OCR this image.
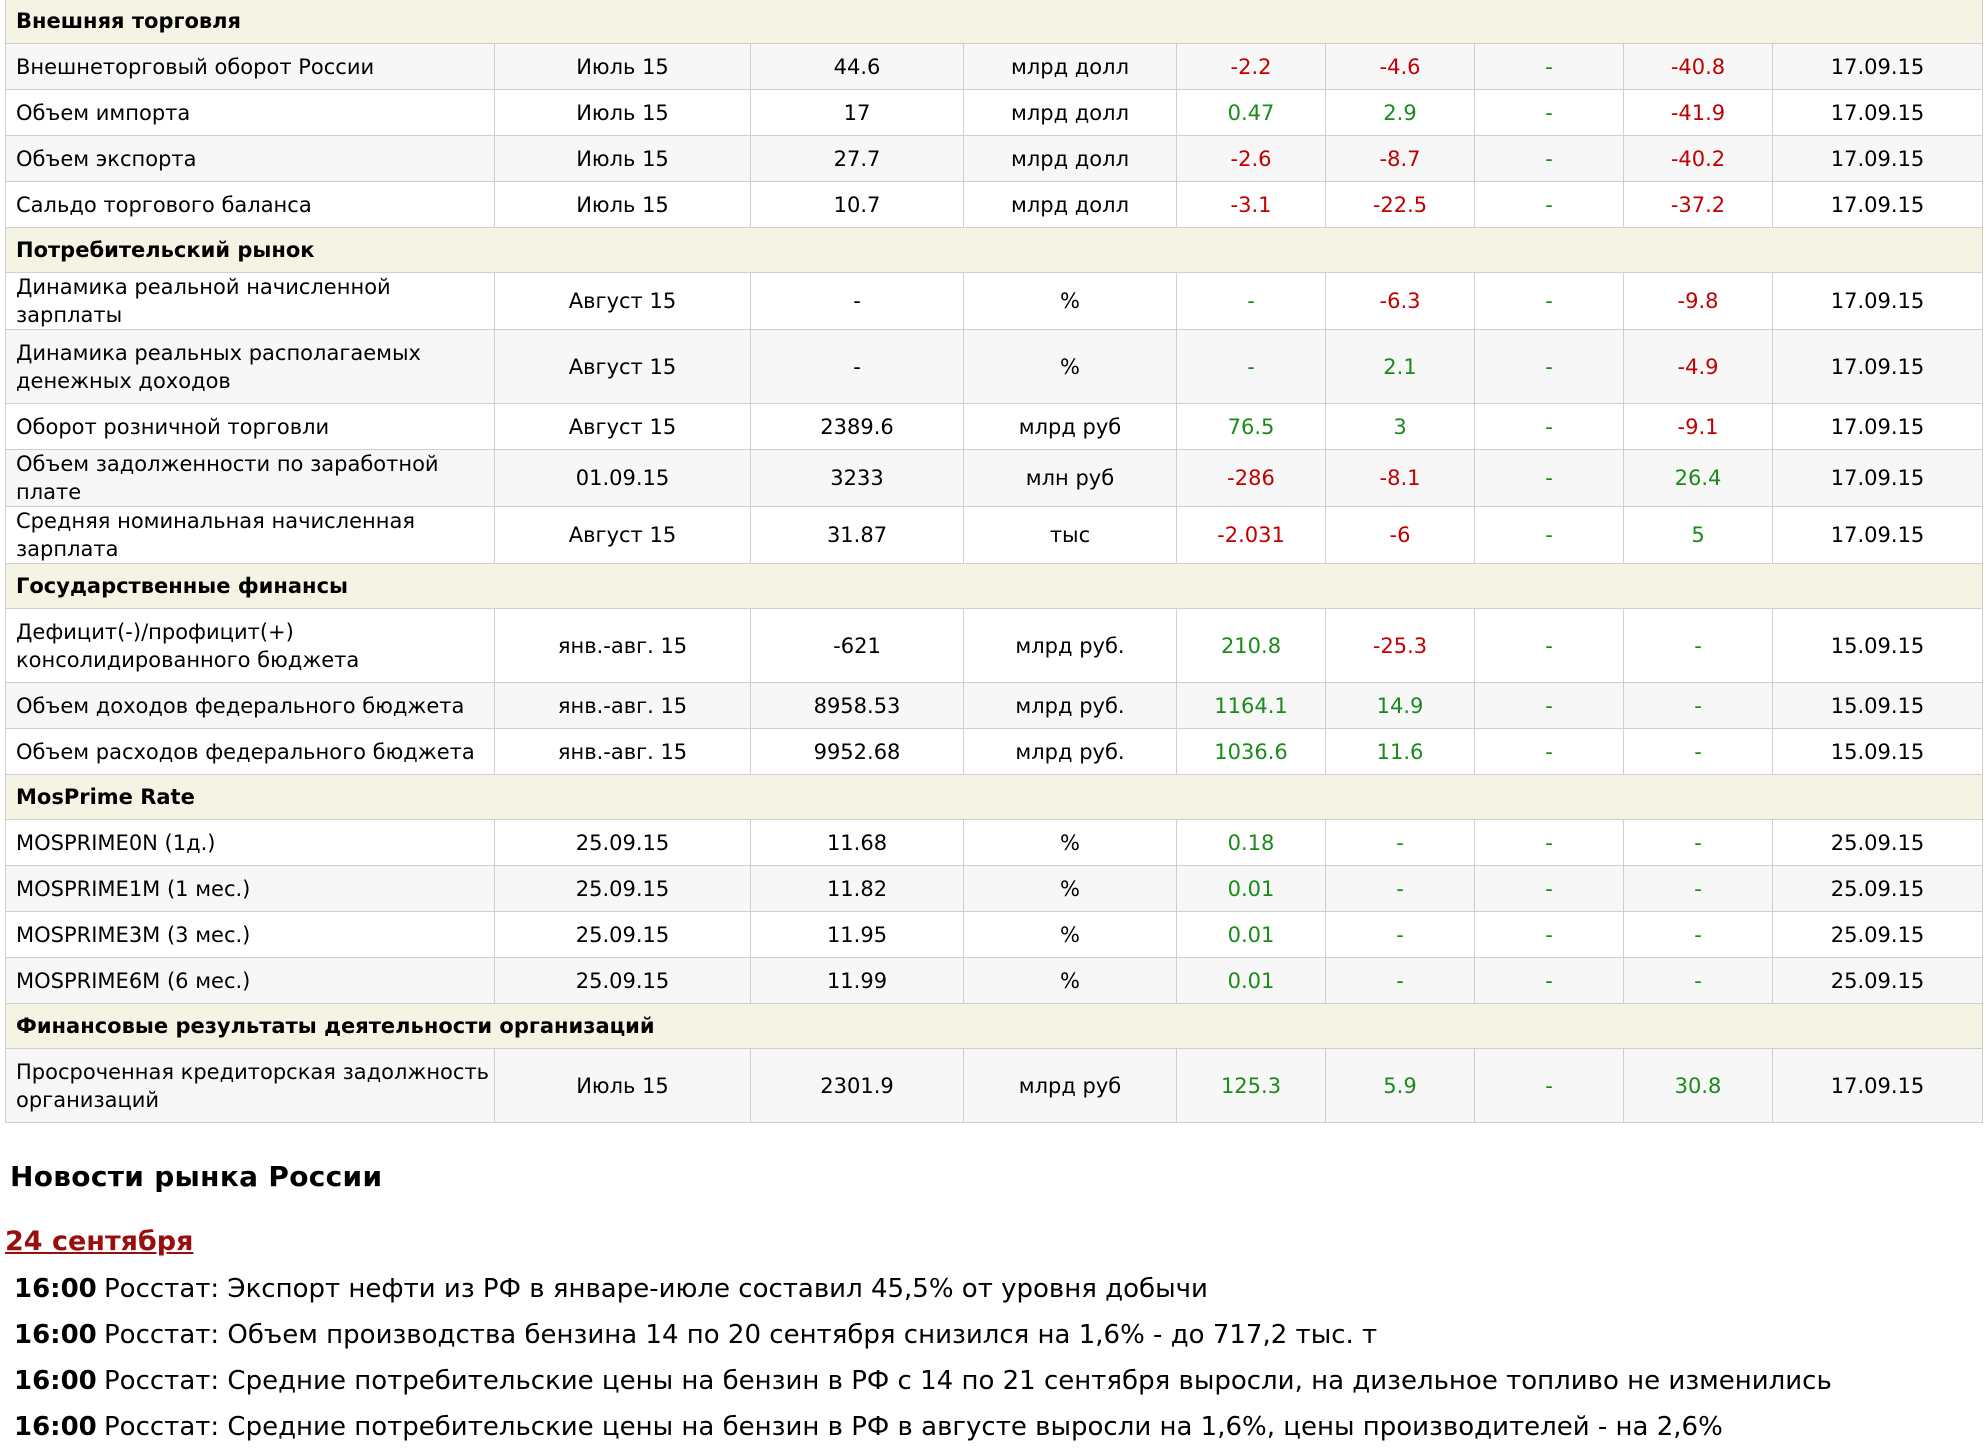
Внешняя торговля								
Внешнеторговый оборот России	Июль 15	44.6	млрд долл	-2.2	-4.6	-	-40.8	17.09.15
Объем импорта	Июль 15	17	млрд долл	0.47	2.9	-	-41.9	17.09.15
Объем экспорта	Июль 15	27.7	млрд долл	-2.6	-8.7	-	-40.2	17.09.15
Сальдо торгового баланса	Июль 15	10.7	млрд долл	-3.1	-22.5	-	-37.2	17.09.15
Потребительский рынок								
Динамика реальной начисленной зарплаты	Август 15	-	%	-	-6.3	-	-9.8	17.09.15
Динамика реальных располагаемых денежных доходов	Август 15	-	%	-	2.1	-	-4.9	17.09.15
Оборот розничной торговли	Август 15	2389.6	млрд руб	76.5	3	-	-9.1	17.09.15
Объем задолженности по заработной плате	01.09.15	3233	млн руб	-286	-8.1	-	26.4	17.09.15
Средняя номинальная начисленная зарплата	Август 15	31.87	тыс	-2.031	-6	-	5	17.09.15
Государственные финансы								
Дефицит(-)/профицит(+) консолидированного бюджета	янв.-авг. 15	-621	млрд руб.	210.8	-25.3	-	-	15.09.15
Объем доходов федерального бюджета	янв.-авг. 15	8958.53	млрд руб.	1164.1	14.9	-	-	15.09.15
Объем расходов федерального бюджета	янв.-авг. 15	9952.68	млрд руб.	1036.6	11.6	-	-	15.09.15
MosPrime Rate								
MOSPRIME0N (1д.)	25.09.15	11.68	%	0.18	-	-	-	25.09.15
MOSPRIME1M (1 мес.)	25.09.15	11.82	%	0.01	-	-	-	25.09.15
MOSPRIME3M (3 мес.)	25.09.15	11.95	%	0.01	-	-	-	25.09.15
MOSPRIME6M (6 мес.)	25.09.15	11.99	%	0.01	-	-	-	25.09.15
Финансовые результаты деятельности организаций								
Просроченная кредиторская задолжность организаций	Июль 15	2301.9	млрд руб	125.3	5.9	-	30.8	17.09.15
Новости рынка России
24 сентября
16:00 Росстат: Экспорт нефти из РФ в январе-июле составил 45,5% от уровня добычи
16:00 Росстат: Объем производства бензина 14 по 20 сентября снизился на 1,6% - до 717,2 тыс. т
16:00 Росстат: Средние потребительские цены на бензин в РФ с 14 по 21 сентября выросли, на дизельное топливо не изменились
16:00 Росстат: Средние потребительские цены на бензин в РФ в августе выросли на 1,6%, цены производителей - на 2,6%
